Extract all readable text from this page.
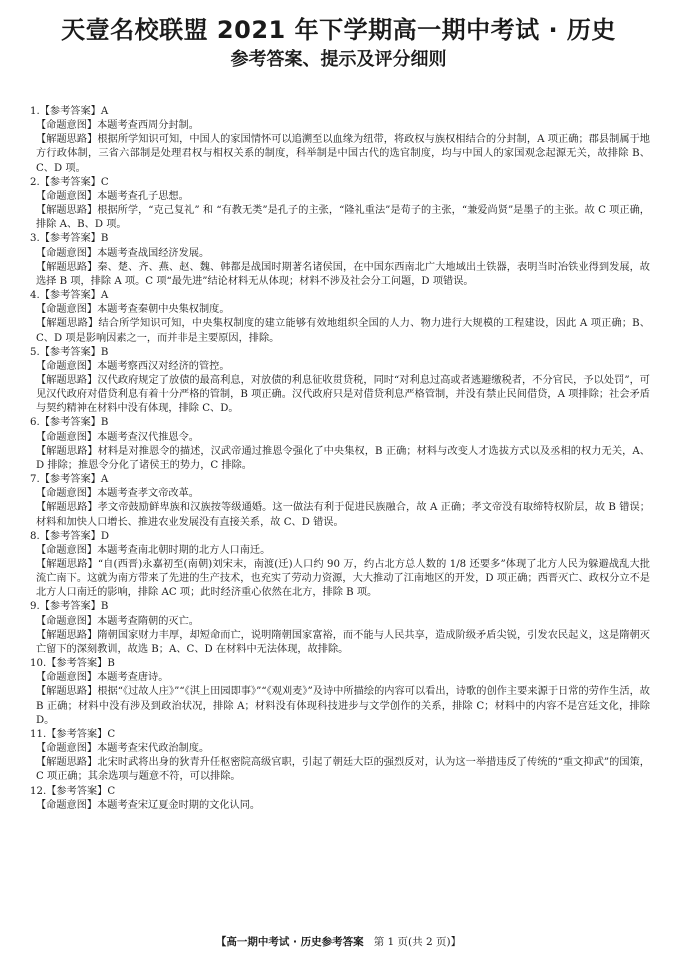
天壹名校联盟 2021 年下学期高一期中考试 · 历史
参考答案、提示及评分细则

1.【参考答案】A

【命题意图】本题考查西周分封制。

【解题思路】根据所学知识可知，中国人的家国情怀可以追溯至以血缘为纽带，将政权与族权相结合的分封制，A 项正确；郡县制属于地方行政体制，三省六部制是处理君权与相权关系的制度，科举制是中国古代的选官制度，均与中国人的家国观念起源无关，故排除 B、C、D 项。

2.【参考答案】C

【命题意图】本题考查孔子思想。

【解题思路】根据所学，“克己复礼” 和 “有教无类”是孔子的主张，“隆礼重法”是荀子的主张，“兼爱尚贤”是墨子的主张。故 C 项正确，排除 A、B、D 项。

3.【参考答案】B

【命题意图】本题考查战国经济发展。

【解题思路】秦、楚、齐、燕、赵、魏、韩都是战国时期著名诸侯国，在中国东西南北广大地域出土铁器，表明当时冶铁业得到发展，故选择 B 项，排除 A 项。C 项“最先进”结论材料无从体现；材料不涉及社会分工问题，D 项错误。

4.【参考答案】A

【命题意图】本题考查秦朝中央集权制度。

【解题思路】结合所学知识可知，中央集权制度的建立能够有效地组织全国的人力、物力进行大规模的工程建设，因此 A 项正确；B、C、D 项是影响因素之一，而并非是主要原因，排除。

5.【参考答案】B

【命题意图】本题考察西汉对经济的管控。

【解题思路】汉代政府规定了放债的最高利息，对放债的利息征收贯贷税，同时“对利息过高或者逃避缴税者，不分官民，予以处罚”，可见汉代政府对借贷利息有着十分严格的管制，B 项正确。汉代政府只是对借贷利息严格管制，并没有禁止民间借贷，A 项排除；社会矛盾与契约精神在材料中没有体现，排除 C、D。

6.【参考答案】B

【命题意图】本题考查汉代推恩令。

【解题思路】材料是对推恩令的描述，汉武帝通过推恩令强化了中央集权，B 正确；材料与改变人才选拔方式以及丞相的权力无关，A、D 排除；推恩令分化了诸侯王的势力，C 排除。

7.【参考答案】A

【命题意图】本题考查孝文帝改革。

【解题思路】孝文帝鼓励鲜卑族和汉族按等级通婚。这一做法有利于促进民族融合，故 A 正确；孝文帝没有取缔特权阶层，故 B 错误；材料和加快人口增长、推进农业发展没有直接关系，故 C、D 错误。

8.【参考答案】D

【命题意图】本题考查南北朝时期的北方人口南迁。

【解题思路】“自(西晋)永嘉初至(南朝)刘宋末，南渡(迁)人口约 90 万，约占北方总人数的 1/8 还要多”体现了北方人民为躲避战乱大批流亡南下。这就为南方带来了先进的生产技术，也充实了劳动力资源，大大推动了江南地区的开发，D 项正确；西晋灭亡、政权分立不是北方人口南迁的影响，排除 AC 项；此时经济重心依然在北方，排除 B 项。

9.【参考答案】B

【命题意图】本题考查隋朝的灭亡。

【解题思路】隋朝国家财力丰厚，却短命而亡，说明隋朝国家富裕，而不能与人民共享，造成阶级矛盾尖锐，引发农民起义，这是隋朝灭亡留下的深刻教训，故选 B；A、C、D 在材料中无法体现，故排除。

10.【参考答案】B

【命题意图】本题考查唐诗。

【解题思路】根据“《过故人庄》”“《淇上田园即事》”“《观刈麦》”及诗中所描绘的内容可以看出，诗歌的创作主要来源于日常的劳作生活，故 B 正确；材料中没有涉及到政治状况，排除 A；材料没有体现科技进步与文学创作的关系，排除 C；材料中的内容不是宫廷文化，排除 D。

11.【参考答案】C

【命题意图】本题考查宋代政治制度。

【解题思路】北宋时武将出身的狄青升任枢密院高级官职，引起了朝廷大臣的强烈反对，认为这一举措违反了传统的“重文抑武”的国策，C 项正确；其余选项与题意不符，可以排除。

12.【参考答案】C

【命题意图】本题考查宋辽夏金时期的文化认同。

【高一期中考试 · 历史参考答案 第 1 页(共 2 页)】
